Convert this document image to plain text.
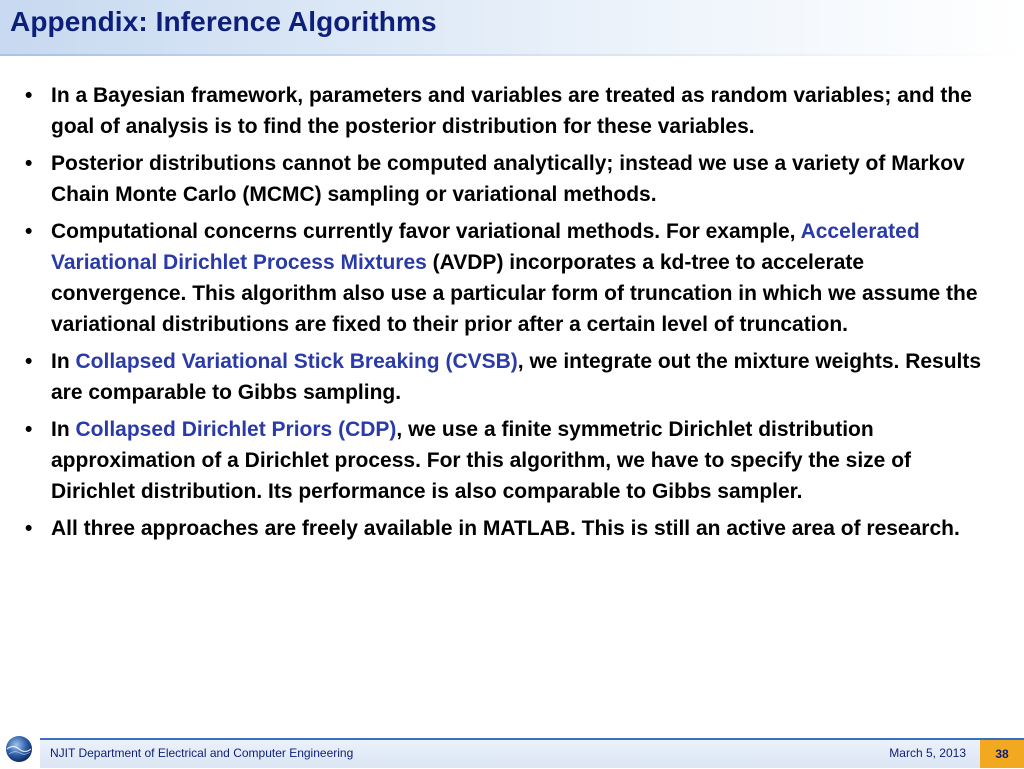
Appendix: Inference Algorithms
• In a Bayesian framework, parameters and variables are treated as random variables; and the goal of analysis is to find the posterior distribution for these variables.
• Posterior distributions cannot be computed analytically; instead we use a variety of Markov Chain Monte Carlo (MCMC) sampling or variational methods.
• Computational concerns currently favor variational methods. For example, Accelerated Variational Dirichlet Process Mixtures (AVDP) incorporates a kd-tree to accelerate convergence. This algorithm also use a particular form of truncation in which we assume the variational distributions are fixed to their prior after a certain level of truncation.
• In Collapsed Variational Stick Breaking (CVSB), we integrate out the mixture weights. Results are comparable to Gibbs sampling.
• In Collapsed Dirichlet Priors (CDP), we use a finite symmetric Dirichlet distribution approximation of a Dirichlet process. For this algorithm, we have to specify the size of Dirichlet distribution. Its performance is also comparable to Gibbs sampler.
• All three approaches are freely available in MATLAB. This is still an active area of research.
NJIT Department of Electrical and Computer Engineering	March 5, 2013 38
